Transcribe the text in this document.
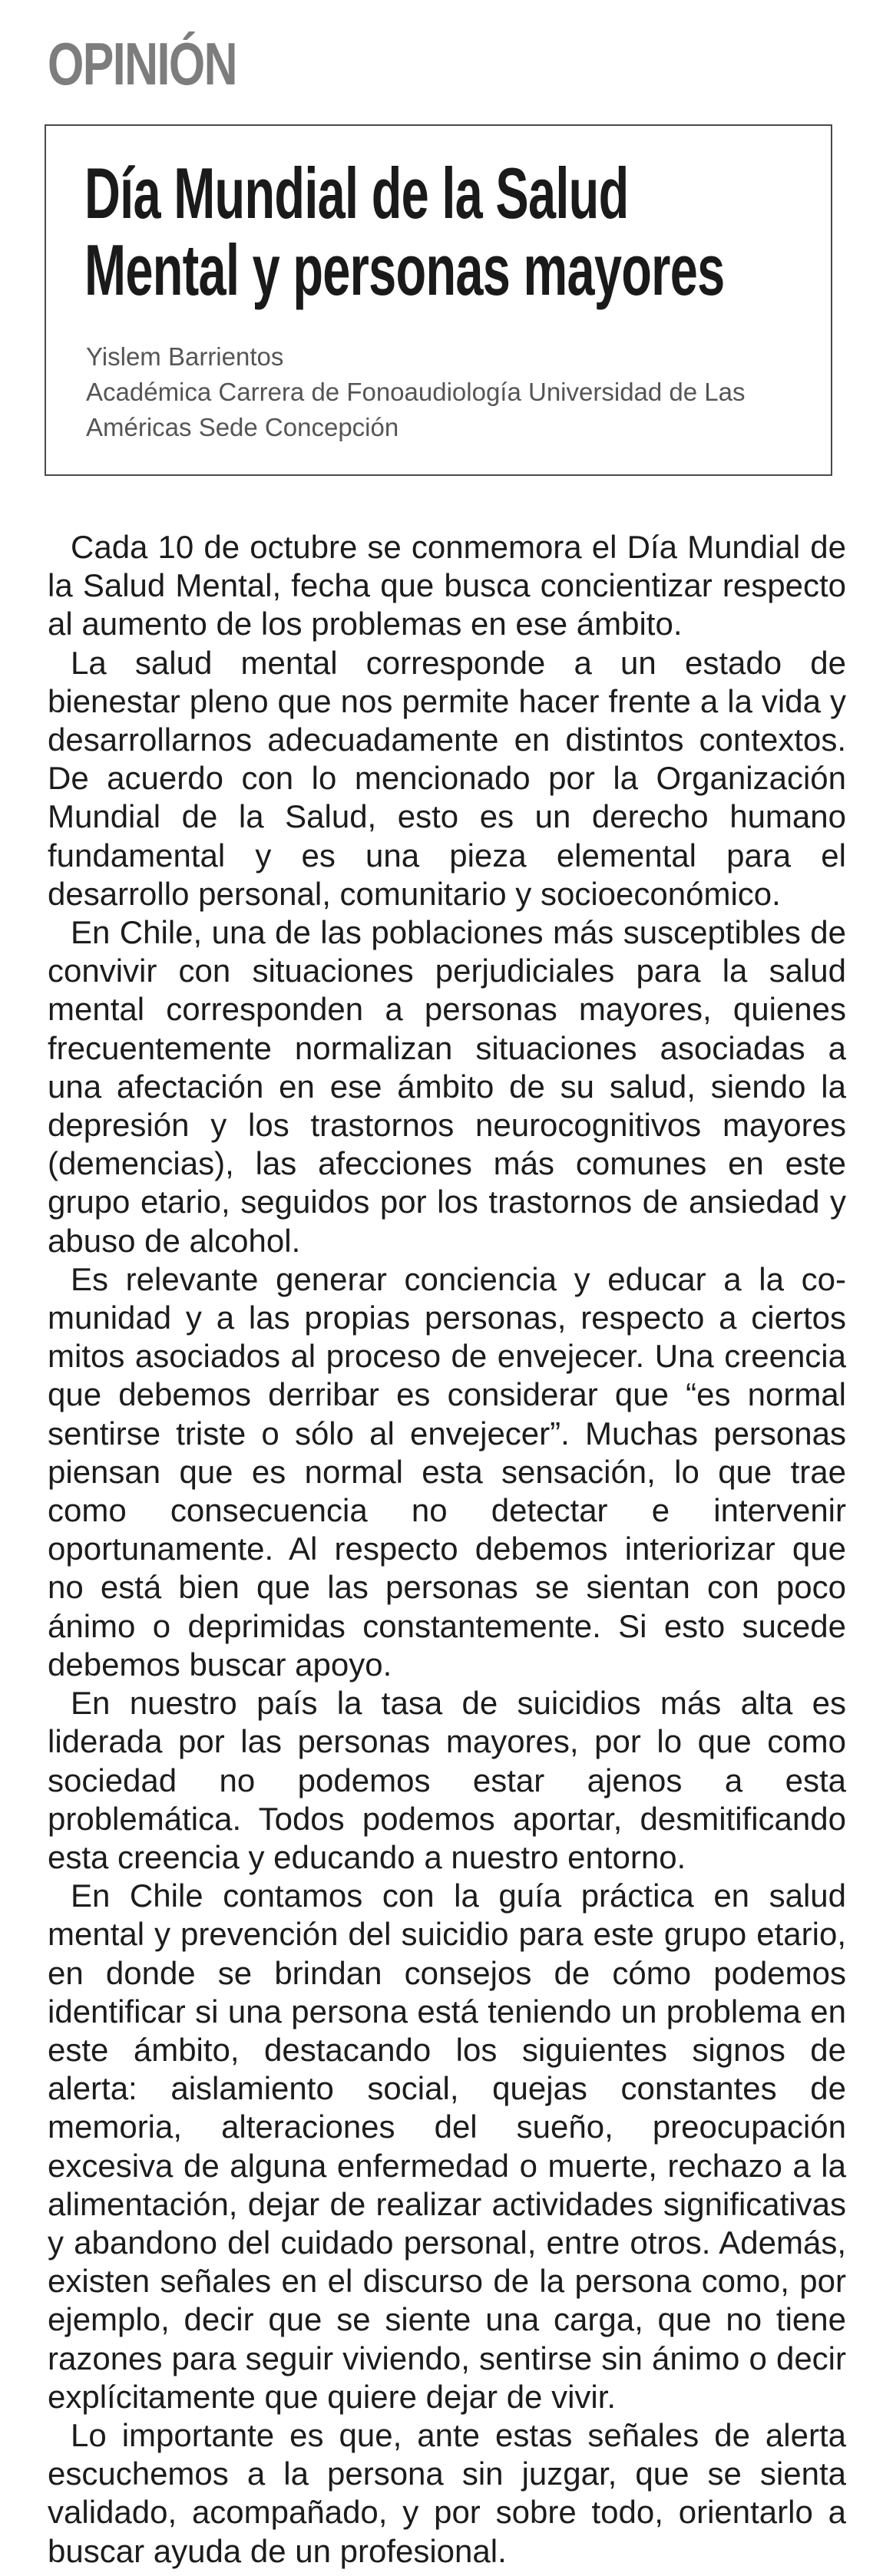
OPINIÓN
Día Mundial de la Salud
Mental y personas mayores
Yislem Barrientos
Académica Carrera de Fonoaudiología Universidad de Las
Américas Sede Concepción

Cada 10 de octubre se conmemora el Día Mundial de la Salud Mental, fecha que busca concientizar respecto al aumento de los problemas en ese ámbito.

La salud mental corresponde a un estado de bienestar pleno que nos permite hacer frente a la vida y desarrollarnos adecuadamente en distintos contextos. De acuerdo con lo mencionado por la Organización Mundial de la Salud, esto es un derecho humano fundamental y es una pieza elemental para el desarrollo personal, comunitario y socioeconómico.

En Chile, una de las poblaciones más susceptibles de convivir con situaciones perjudiciales para la salud mental corresponden a personas mayores, quienes frecuentemente normalizan situaciones asociadas a una afectación en ese ámbito de su salud, siendo la depresión y los trastornos neurocognitivos mayores (demencias), las afecciones más comunes en este grupo etario, seguidos por los trastornos de ansiedad y abuso de alcohol.

Es relevante generar conciencia y educar a la comunidad y a las propias personas, respecto a ciertos mitos asociados al proceso de envejecer. Una creencia que debemos derribar es considerar que “es normal sentirse triste o sólo al envejecer”. Muchas personas piensan que es normal esta sensación, lo que trae como consecuencia no detectar e intervenir oportunamente. Al respecto debemos interiorizar que no está bien que las personas se sientan con poco ánimo o deprimidas constantemente. Si esto sucede debemos buscar apoyo.

En nuestro país la tasa de suicidios más alta es liderada por las personas mayores, por lo que como sociedad no podemos estar ajenos a esta problemática. Todos podemos aportar, desmitificando esta creencia y educando a nuestro entorno.

En Chile contamos con la guía práctica en salud mental y prevención del suicidio para este grupo etario, en donde se brindan consejos de cómo podemos identificar si una persona está teniendo un problema en este ámbito, destacando los siguientes signos de alerta: aislamiento social, quejas constantes de memoria, alteraciones del sueño, preocupación excesiva de alguna enfermedad o muerte, rechazo a la alimentación, dejar de realizar actividades significativas y abandono del cuidado personal, entre otros. Además, existen señales en el discurso de la persona como, por ejemplo, decir que se siente una carga, que no tiene razones para seguir viviendo, sentirse sin ánimo o decir explícitamente que quiere dejar de vivir.

Lo importante es que, ante estas señales de alerta escuchemos a la persona sin juzgar, que se sienta validado, acompañado, y por sobre todo, orientarlo a buscar ayuda de un profesional.
